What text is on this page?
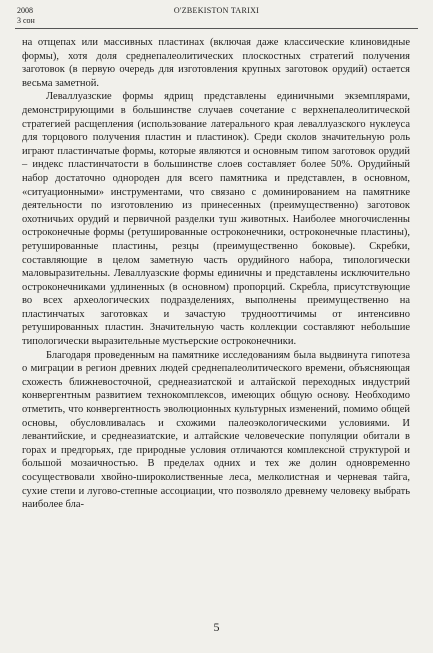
2008
3 сон
O'ZBEKISTON TARIXI

на отщепах или массивных пластинах (включая даже классические клиновидные формы), хотя доля среднепалеолитических плоскостных стратегий получения заготовок (в первую очередь для изготовления крупных заготовок орудий) остается весьма заметной.

Леваллуазские формы ядрищ представлены единичными экземплярами, демонстрирующими в большинстве случаев сочетание с верхнепалеолитической стратегией расщепления (использование латерального края леваллуазского нуклеуса для торцового получения пластин и пластинок). Среди сколов значительную роль играют пластинчатые формы, которые являются и основным типом заготовок орудий – индекс пластинчатости в большинстве слоев составляет более 50%. Орудийный набор достаточно однороден для всего памятника и представлен, в основном, «ситуационными» инструментами, что связано с доминированием на памятнике деятельности по изготовлению из принесенных (преимущественно) заготовок охотничьих орудий и первичной разделки туш животных. Наиболее многочисленны остроконечные формы (ретушированные остроконечники, остроконечные пластины), ретушированные пластины, резцы (преимущественно боковые). Скребки, составляющие в целом заметную часть орудийного набора, типологически маловыразительны. Леваллуазские формы единичны и представлены исключительно остроконечниками удлиненных (в основном) пропорций. Скребла, присутствующие во всех археологических подразделениях, выполнены преимущественно на пластинчатых заготовках и зачастую труднооттичимы от интенсивно ретушированных пластин. Значительную часть коллекции составляют небольшие типологически выразительные мустьерские остроконечники.

Благодаря проведенным на памятнике исследованиям была выдвинута гипотеза о миграции в регион древних людей среднепалеолитического времени, объясняющая схожесть ближневосточной, среднеазиатской и алтайской переходных индустрий конвергентным развитием технокомплексов, имеющих общую основу. Необходимо отметить, что конвергентность эволюционных культурных изменений, помимо общей основы, обусловливалась и схожими палеоэкологическими условиями. И левантийские, и среднеазиатские, и алтайские человеческие популяции обитали в горах и предгорьях, где природные условия отличаются комплексной структурой и большой мозаичностью. В пределах одних и тех же долин одновременно сосуществовали хвойно-широколиственные леса, мелколистная и черневая тайга, сухие степи и лугово-степные ассоциации, что позволяло древнему человеку выбрать наиболее бла-

5
